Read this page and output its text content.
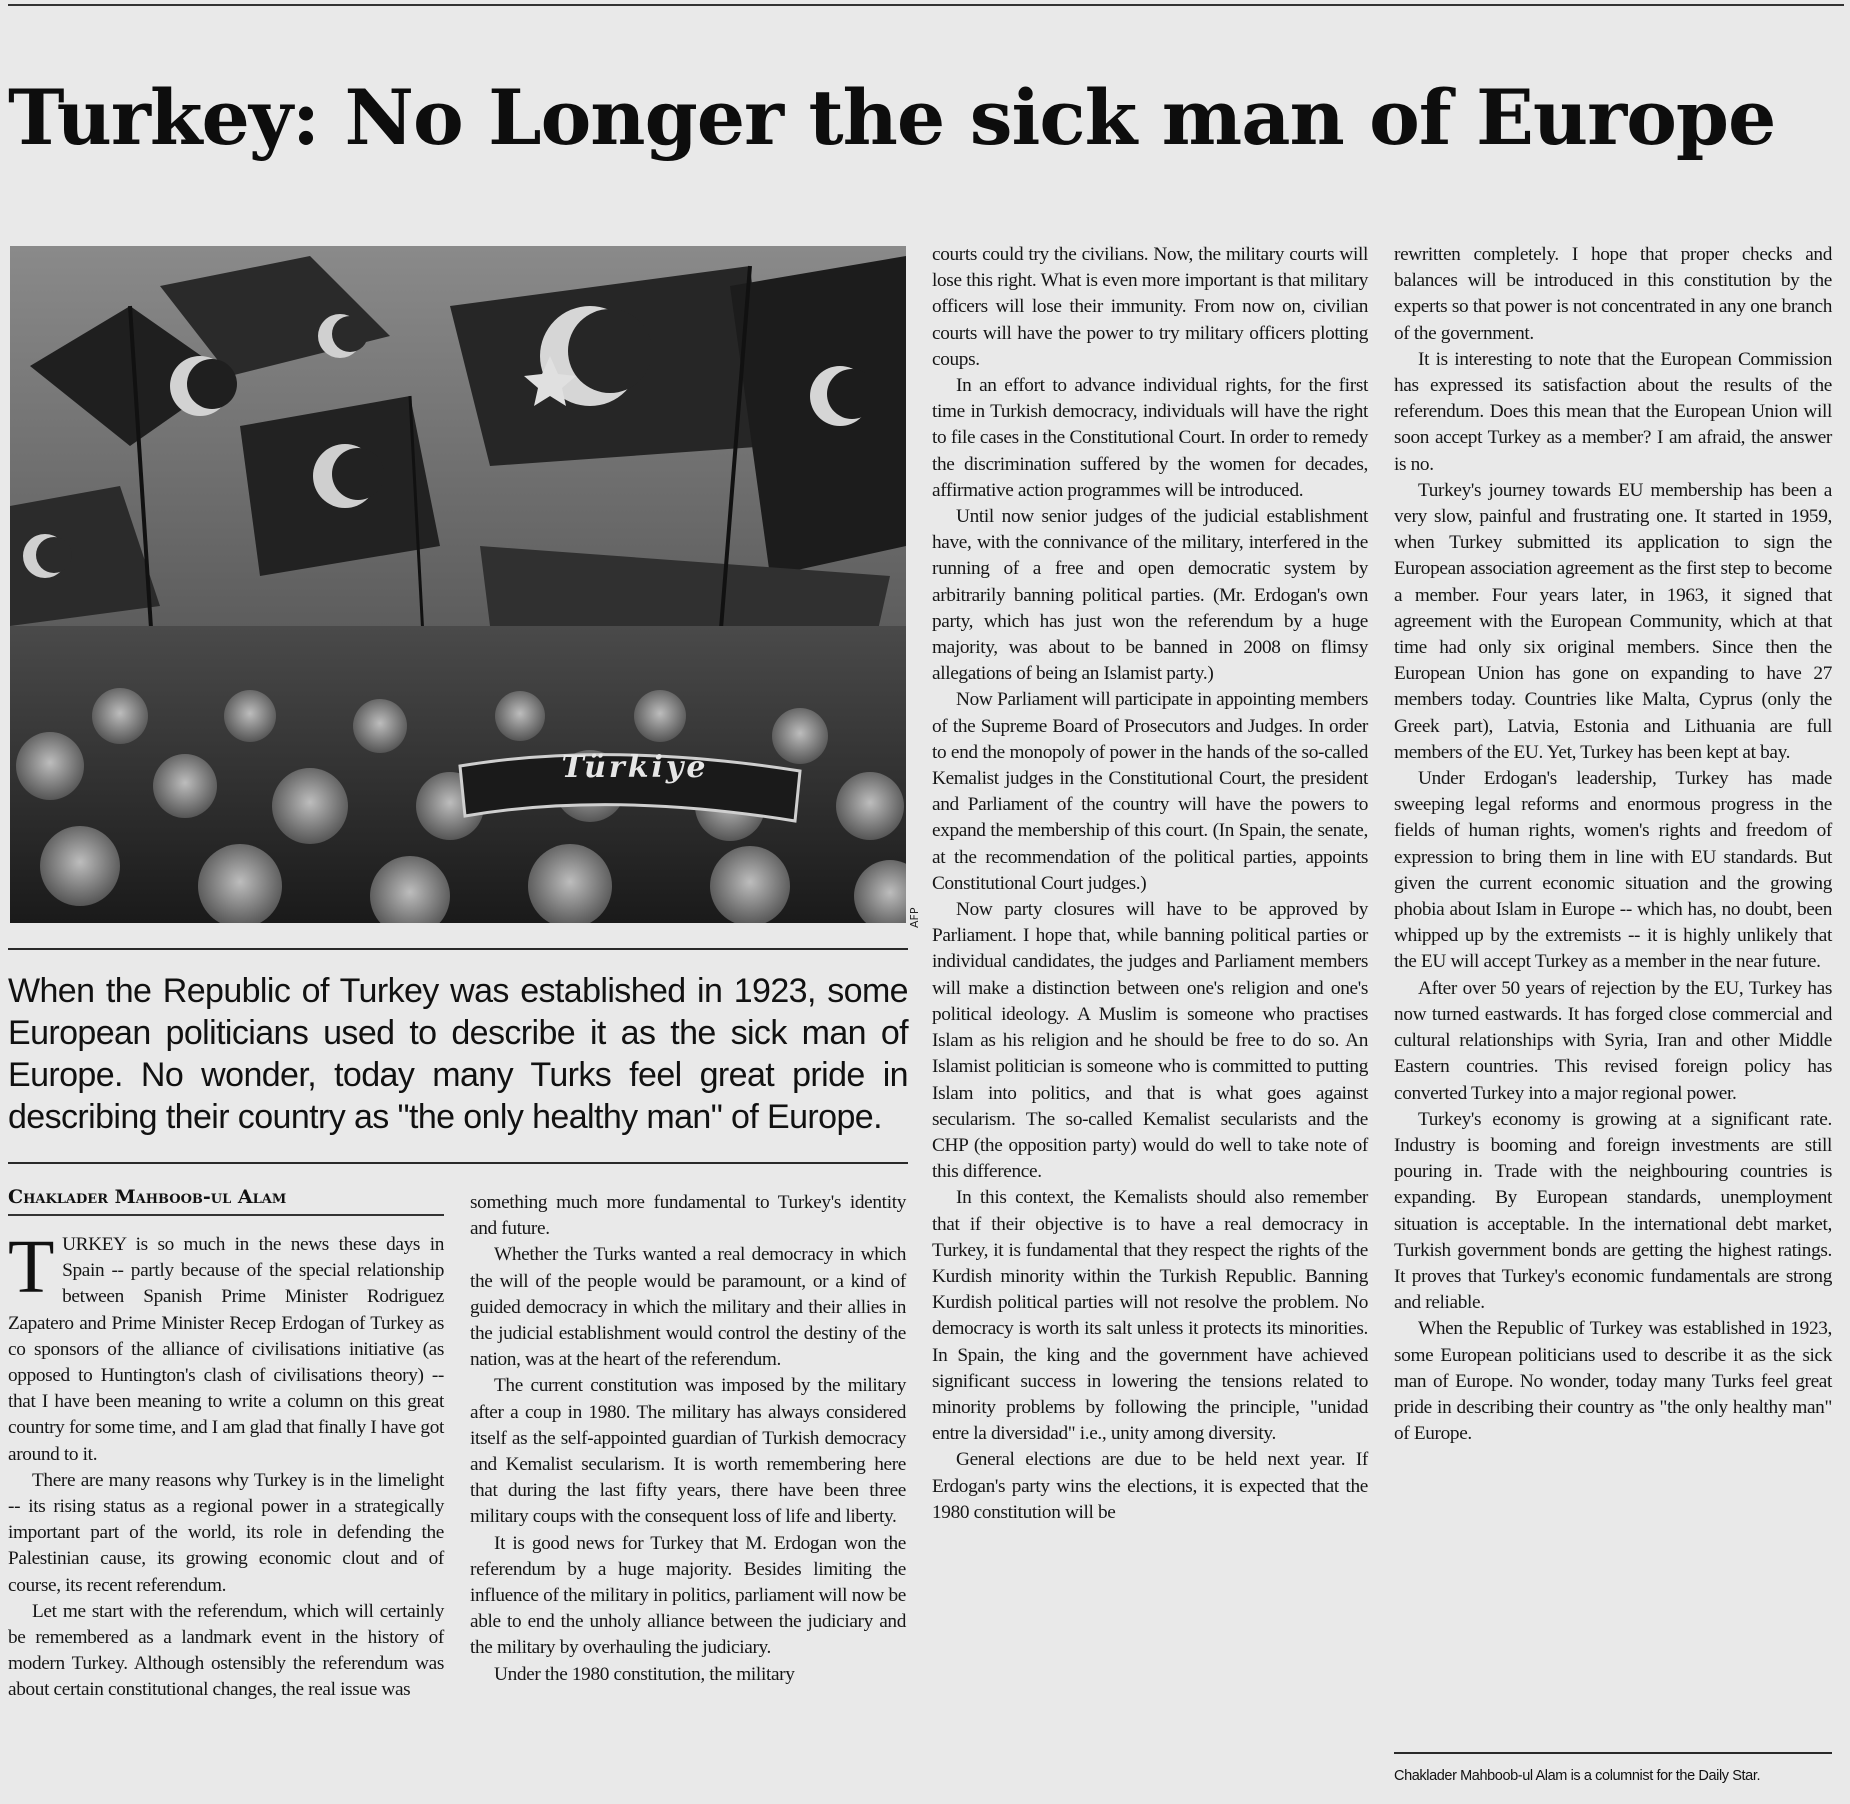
Turkey: No Longer the sick man of Europe
Türkiye
AFP

When the Republic of Turkey was established in 1923, some European politicians used to describe it as the sick man of Europe. No wonder, today many Turks feel great pride in describing their country as "the only healthy man" of Europe.

Chaklader Mahboob-ul Alam

TURKEY is so much in the news these days in Spain -- partly because of the special relationship between Spanish Prime Minister Rodriguez Zapatero and Prime Minister Recep Erdogan of Turkey as co sponsors of the alliance of civilisations initiative (as opposed to Huntington's clash of civilisations theory) -- that I have been meaning to write a column on this great country for some time, and I am glad that finally I have got around to it.

There are many reasons why Turkey is in the limelight -- its rising status as a regional power in a strategically important part of the world, its role in defending the Palestinian cause, its growing economic clout and of course, its recent referendum.

Let me start with the referendum, which will certainly be remembered as a landmark event in the history of modern Turkey. Although ostensibly the referendum was about certain constitutional changes, the real issue was

something much more fundamental to Turkey's identity and future.

Whether the Turks wanted a real democracy in which the will of the people would be paramount, or a kind of guided democracy in which the military and their allies in the judicial establishment would control the destiny of the nation, was at the heart of the referendum.

The current constitution was imposed by the military after a coup in 1980. The military has always considered itself as the self-appointed guardian of Turkish democracy and Kemalist secularism. It is worth remembering here that during the last fifty years, there have been three military coups with the consequent loss of life and liberty.

It is good news for Turkey that M. Erdogan won the referendum by a huge majority. Besides limiting the influence of the military in politics, parliament will now be able to end the unholy alliance between the judiciary and the military by overhauling the judiciary.

Under the 1980 constitution, the military

courts could try the civilians. Now, the military courts will lose this right. What is even more important is that military officers will lose their immunity. From now on, civilian courts will have the power to try military officers plotting coups.

In an effort to advance individual rights, for the first time in Turkish democracy, individuals will have the right to file cases in the Constitutional Court. In order to remedy the discrimination suffered by the women for decades, affirmative action programmes will be introduced.

Until now senior judges of the judicial establishment have, with the connivance of the military, interfered in the running of a free and open democratic system by arbitrarily banning political parties. (Mr. Erdogan's own party, which has just won the referendum by a huge majority, was about to be banned in 2008 on flimsy allegations of being an Islamist party.)

Now Parliament will participate in appointing members of the Supreme Board of Prosecutors and Judges. In order to end the monopoly of power in the hands of the so-called Kemalist judges in the Constitutional Court, the president and Parliament of the country will have the powers to expand the membership of this court. (In Spain, the senate, at the recommendation of the political parties, appoints Constitutional Court judges.)

Now party closures will have to be approved by Parliament. I hope that, while banning political parties or individual candidates, the judges and Parliament members will make a distinction between one's religion and one's political ideology. A Muslim is someone who practises Islam as his religion and he should be free to do so. An Islamist politician is someone who is committed to putting Islam into politics, and that is what goes against secularism. The so-called Kemalist secularists and the CHP (the opposition party) would do well to take note of this difference.

In this context, the Kemalists should also remember that if their objective is to have a real democracy in Turkey, it is fundamental that they respect the rights of the Kurdish minority within the Turkish Republic. Banning Kurdish political parties will not resolve the problem. No democracy is worth its salt unless it protects its minorities. In Spain, the king and the government have achieved significant success in lowering the tensions related to minority problems by following the principle, "unidad entre la diversidad" i.e., unity among diversity.

General elections are due to be held next year. If Erdogan's party wins the elections, it is expected that the 1980 constitution will be

rewritten completely. I hope that proper checks and balances will be introduced in this constitution by the experts so that power is not concentrated in any one branch of the government.

It is interesting to note that the European Commission has expressed its satisfaction about the results of the referendum. Does this mean that the European Union will soon accept Turkey as a member? I am afraid, the answer is no.

Turkey's journey towards EU membership has been a very slow, painful and frustrating one. It started in 1959, when Turkey submitted its application to sign the European association agreement as the first step to become a member. Four years later, in 1963, it signed that agreement with the European Community, which at that time had only six original members. Since then the European Union has gone on expanding to have 27 members today. Countries like Malta, Cyprus (only the Greek part), Latvia, Estonia and Lithuania are full members of the EU. Yet, Turkey has been kept at bay.

Under Erdogan's leadership, Turkey has made sweeping legal reforms and enormous progress in the fields of human rights, women's rights and freedom of expression to bring them in line with EU standards. But given the current economic situation and the growing phobia about Islam in Europe -- which has, no doubt, been whipped up by the extremists -- it is highly unlikely that the EU will accept Turkey as a member in the near future.

After over 50 years of rejection by the EU, Turkey has now turned eastwards. It has forged close commercial and cultural relationships with Syria, Iran and other Middle Eastern countries. This revised foreign policy has converted Turkey into a major regional power.

Turkey's economy is growing at a significant rate. Industry is booming and foreign investments are still pouring in. Trade with the neighbouring countries is expanding. By European standards, unemployment situation is acceptable. In the international debt market, Turkish government bonds are getting the highest ratings. It proves that Turkey's economic fundamentals are strong and reliable.

When the Republic of Turkey was established in 1923, some European politicians used to describe it as the sick man of Europe. No wonder, today many Turks feel great pride in describing their country as "the only healthy man" of Europe.

Chaklader Mahboob-ul Alam is a columnist for the Daily Star.
